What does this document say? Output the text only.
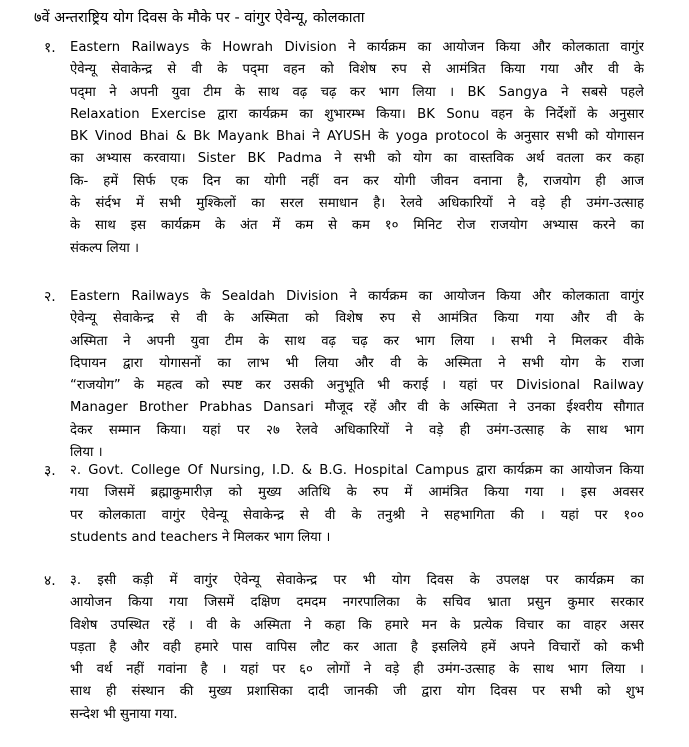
७वें अन्तराष्ट्रिय योग दिवस के मौके पर - वांगुर ऐवेन्यू, कोलकाता
१.	Eastern Railways के Howrah Division ने कार्यक्रम का आयोजन किया और कोलकाता वागुंर
ऐवेन्यू सेवाकेन्द्र से वी के पद्‌मा वहन को विशेष रुप से आमंत्रित किया गया और वी के
पद्‌मा ने अपनी युवा टीम के साथ वढ़ चढ़ कर भाग लिया । BK Sangya ने सबसे पहले
Relaxation Exercise द्वारा कार्यक्रम का शुभारम्भ किया। BK Sonu वहन के निर्देशों के अनुसार
BK Vinod Bhai & Bk Mayank Bhai ने AYUSH के yoga protocol के अनुसार सभी को योगासन
का अभ्यास करवाया। Sister BK Padma ने सभी को योग का वास्तविक अर्थ वतला कर कहा
कि- हमें सिर्फ एक दिन का योगी नहीं वन कर योगी जीवन वनाना है, राजयोग ही आज
के संर्दभ में सभी मुश्किलों का सरल समाधान है। रेलवे अधिकारियों ने वड़े ही उमंग-उत्साह
के साथ इस कार्यक्रम के अंत में कम से कम १० मिनिट रोज राजयोग अभ्यास करने का
संकल्प लिया ।
२.	Eastern Railways के Sealdah Division ने कार्यक्रम का आयोजन किया और कोलकाता वागुंर
ऐवेन्यू सेवाकेन्द्र से वी के अस्मिता को विशेष रुप से आमंत्रित किया गया और वी के
अस्मिता ने अपनी युवा टीम के साथ वढ़ चढ़ कर भाग लिया । सभी ने मिलकर वीके
दिपायन द्वारा योगासनों का लाभ भी लिया और वी के अस्मिता ने सभी योग के राजा
“राजयोग” के महत्व को स्पष्ट कर उसकी अनुभूति भी कराई । यहां पर Divisional Railway
Manager Brother Prabhas Dansari मौजूद रहें और वी के अस्मिता ने उनका ईश्वरीय सौगात
देकर सम्मान किया। यहां पर २७ रेलवे अधिकारियों ने वड़े ही उमंग-उत्साह के साथ भाग
लिया ।
३.	२. Govt. College Of Nursing, I.D. & B.G. Hospital Campus द्वारा कार्यक्रम का आयोजन किया
गया जिसमें ब्रह्माकुमारीज़ को मुख्य अतिथि के रुप में आमंत्रित किया गया । इस अवसर
पर कोलकाता वागुंर ऐवेन्यू सेवाकेन्द्र से वी के तनुश्री ने सहभागिता की । यहां पर १००
students and teachers ने मिलकर भाग लिया ।
४.	३. इसी कड़ी में वागुंर ऐवेन्यू सेवाकेन्द्र पर भी योग दिवस के उपलक्ष पर कार्यक्रम का
आयोजन किया गया जिसमें दक्षिण दमदम नगरपालिका के सचिव भ्राता प्रसुन कुमार सरकार
विशेष उपस्थित रहें । वी के अस्मिता ने कहा कि हमारे मन के प्रत्येक विचार का वाहर असर
पड़ता है और वही हमारे पास वापिस लौट कर आता है इसलिये हमें अपने विचारों को कभी
भी वर्थ नहीं गवांना है । यहां पर ६० लोगों ने वड़े ही उमंग-उत्साह के साथ भाग लिया ।
साथ ही संस्थान की मुख्य प्रशासिका दादी जानकी जी द्वारा योग दिवस पर सभी को शुभ
सन्देश भी सुनाया गया.
